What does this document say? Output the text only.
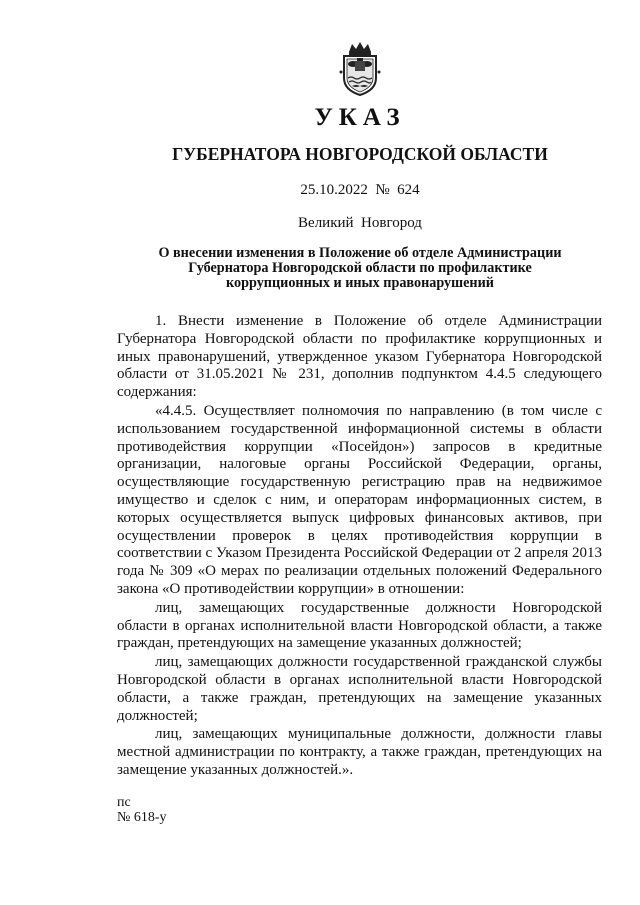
УКАЗ
ГУБЕРНАТОРА НОВГОРОДСКОЙ ОБЛАСТИ
25.10.2022  №  624
Великий  Новгород
О внесении изменения в Положение об отделе Администрации Губернатора Новгородской области по профилактике коррупционных и иных правонарушений

1. Внести изменение в Положение об отделе Администрации Губернатора Новгородской области по профилактике коррупционных и иных правонарушений, утвержденное указом Губернатора Новгородской области от 31.05.2021 № 231, дополнив подпунктом 4.4.5 следующего содержания:

«4.4.5. Осуществляет полномочия по направлению (в том числе с использованием государственной информационной системы в области противодействия коррупции «Посейдон») запросов в кредитные организации, налоговые органы Российской Федерации, органы, осуществляющие государственную регистрацию прав на недвижимое имущество и сделок с ним, и операторам информационных систем, в которых осуществляется выпуск цифровых финансовых активов, при осуществлении проверок в целях противодействия коррупции в соответствии с Указом Президента Российской Федерации от 2 апреля 2013 года № 309 «О мерах по реализации отдельных положений Федерального закона «О противодействии коррупции» в отношении:

лиц, замещающих государственные должности Новгородской области в органах исполнительной власти Новгородской области, а также граждан, претендующих на замещение указанных должностей;

лиц, замещающих должности государственной гражданской службы Новгородской области в органах исполнительной власти Новгородской области, а также граждан, претендующих на замещение указанных должностей;

лиц, замещающих муниципальные должности, должности главы местной администрации по контракту, а также граждан, претендующих на замещение указанных должностей.».

пс
№ 618-у
